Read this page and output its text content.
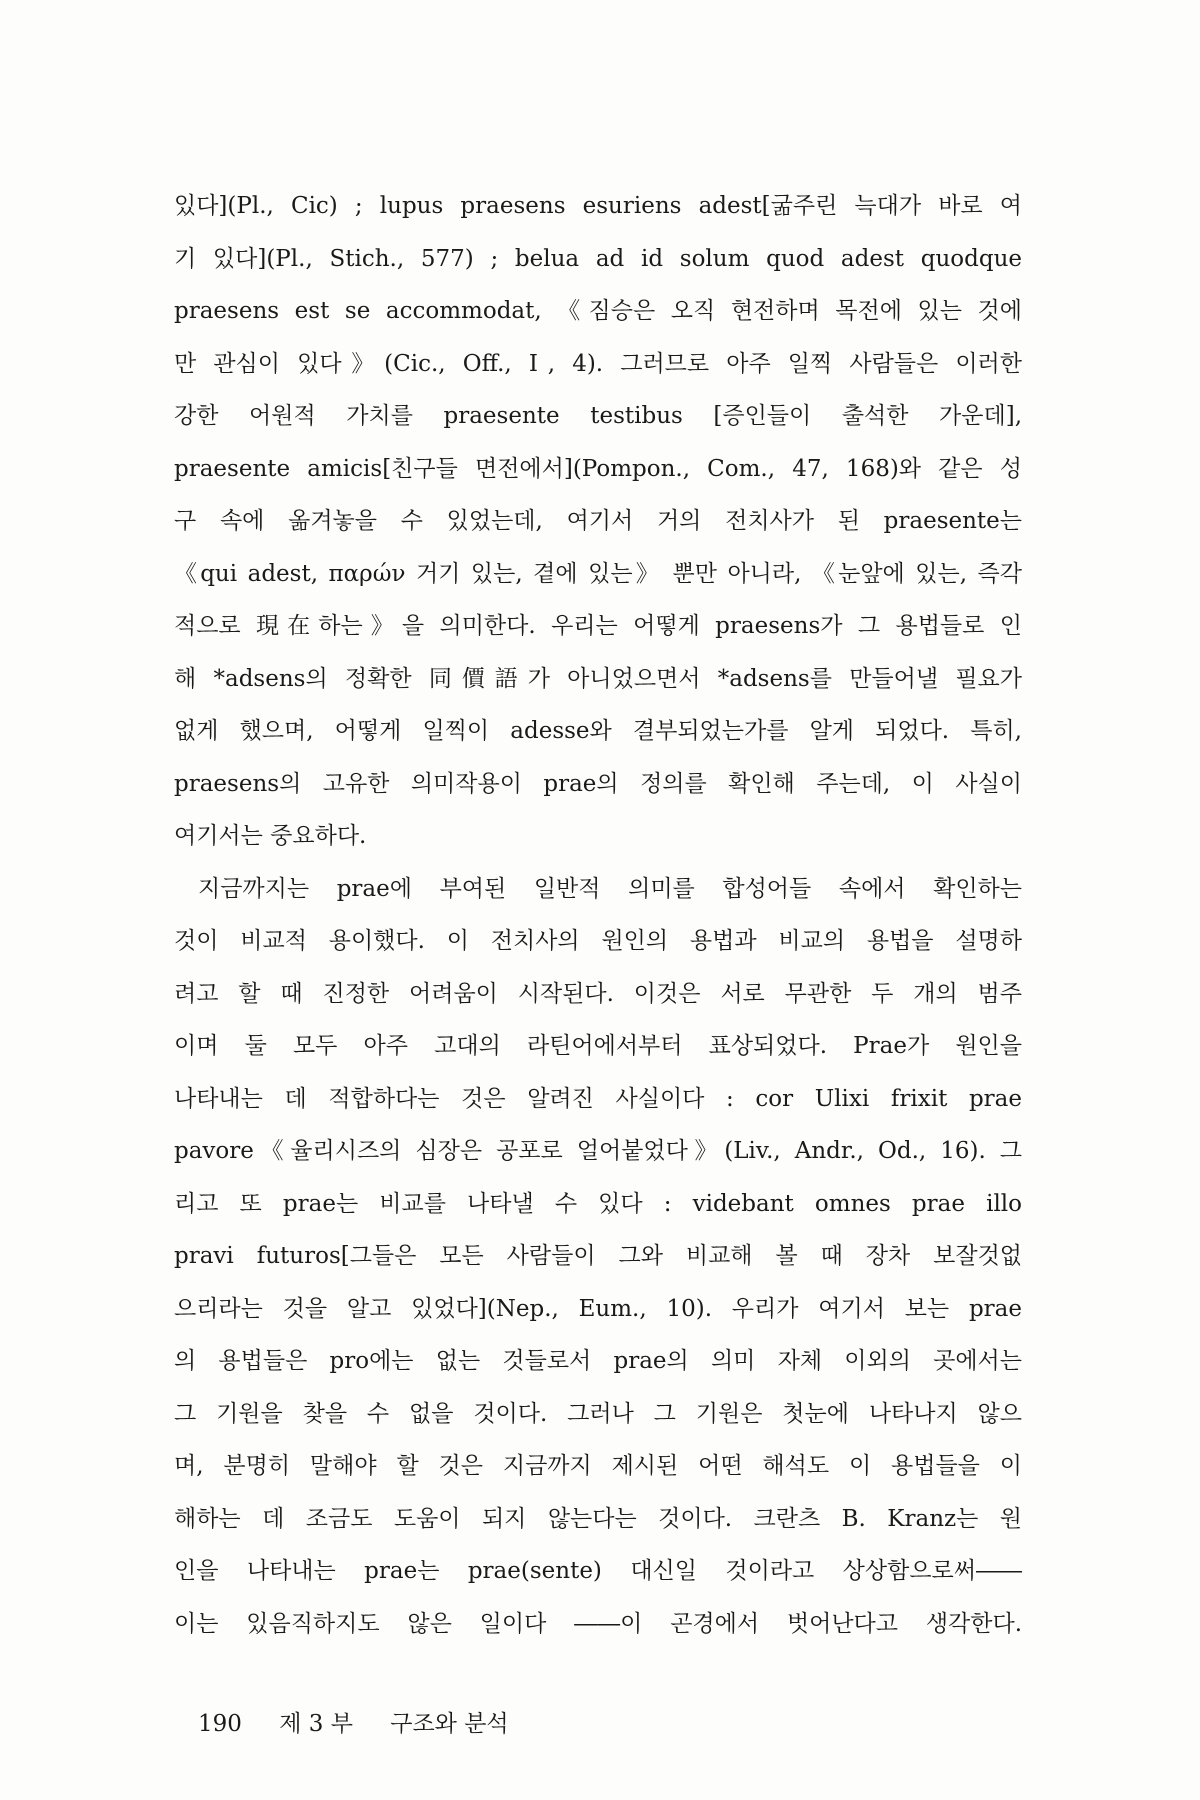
있다](Pl., Cic) ; lupus praesens esuriens adest[굶주린 늑대가 바로 여
기 있다](Pl., Stich., 577) ; belua ad id solum quod adest quodque
praesens est se accommodat, 《짐승은 오직 현전하며 목전에 있는 것에
만 관심이 있다》(Cic., Off., Ⅰ, 4). 그러므로 아주 일찍 사람들은 이러한
강한 어원적 가치를 praesente testibus [증인들이 출석한 가운데],
praesente amicis[친구들 면전에서](Pompon., Com., 47, 168)와 같은 성
구 속에 옮겨놓을 수 있었는데, 여기서 거의 전치사가 된 praesente는
《qui adest, παρών 거기 있는, 곁에 있는》 뿐만 아니라, 《눈앞에 있는, 즉각
적으로 現在하는》을 의미한다. 우리는 어떻게 praesens가 그 용법들로 인
해 *adsens의 정확한 同價語가 아니었으면서 *adsens를 만들어낼 필요가
없게 했으며, 어떻게 일찍이 adesse와 결부되었는가를 알게 되었다. 특히,
praesens의 고유한 의미작용이 prae의 정의를 확인해 주는데, 이 사실이
여기서는 중요하다.
지금까지는 prae에 부여된 일반적 의미를 합성어들 속에서 확인하는
것이 비교적 용이했다. 이 전치사의 원인의 용법과 비교의 용법을 설명하
려고 할 때 진정한 어려움이 시작된다. 이것은 서로 무관한 두 개의 범주
이며 둘 모두 아주 고대의 라틴어에서부터 표상되었다. Prae가 원인을
나타내는 데 적합하다는 것은 알려진 사실이다 : cor Ulixi frixit prae
pavore《율리시즈의 심장은 공포로 얼어붙었다》(Liv., Andr., Od., 16). 그
리고 또 prae는 비교를 나타낼 수 있다 : videbant omnes prae illo
pravi futuros[그들은 모든 사람들이 그와 비교해 볼 때 장차 보잘것없
으리라는 것을 알고 있었다](Nep., Eum., 10). 우리가 여기서 보는 prae
의 용법들은 pro에는 없는 것들로서 prae의 의미 자체 이외의 곳에서는
그 기원을 찾을 수 없을 것이다. 그러나 그 기원은 첫눈에 나타나지 않으
며, 분명히 말해야 할 것은 지금까지 제시된 어떤 해석도 이 용법들을 이
해하는 데 조금도 도움이 되지 않는다는 것이다. 크란츠 B. Kranz는 원
인을 나타내는 prae는 prae(sente) 대신일 것이라고 상상함으로써――
이는 있음직하지도 않은 일이다 ――이 곤경에서 벗어난다고 생각한다.
190 제 3 부 구조와 분석
